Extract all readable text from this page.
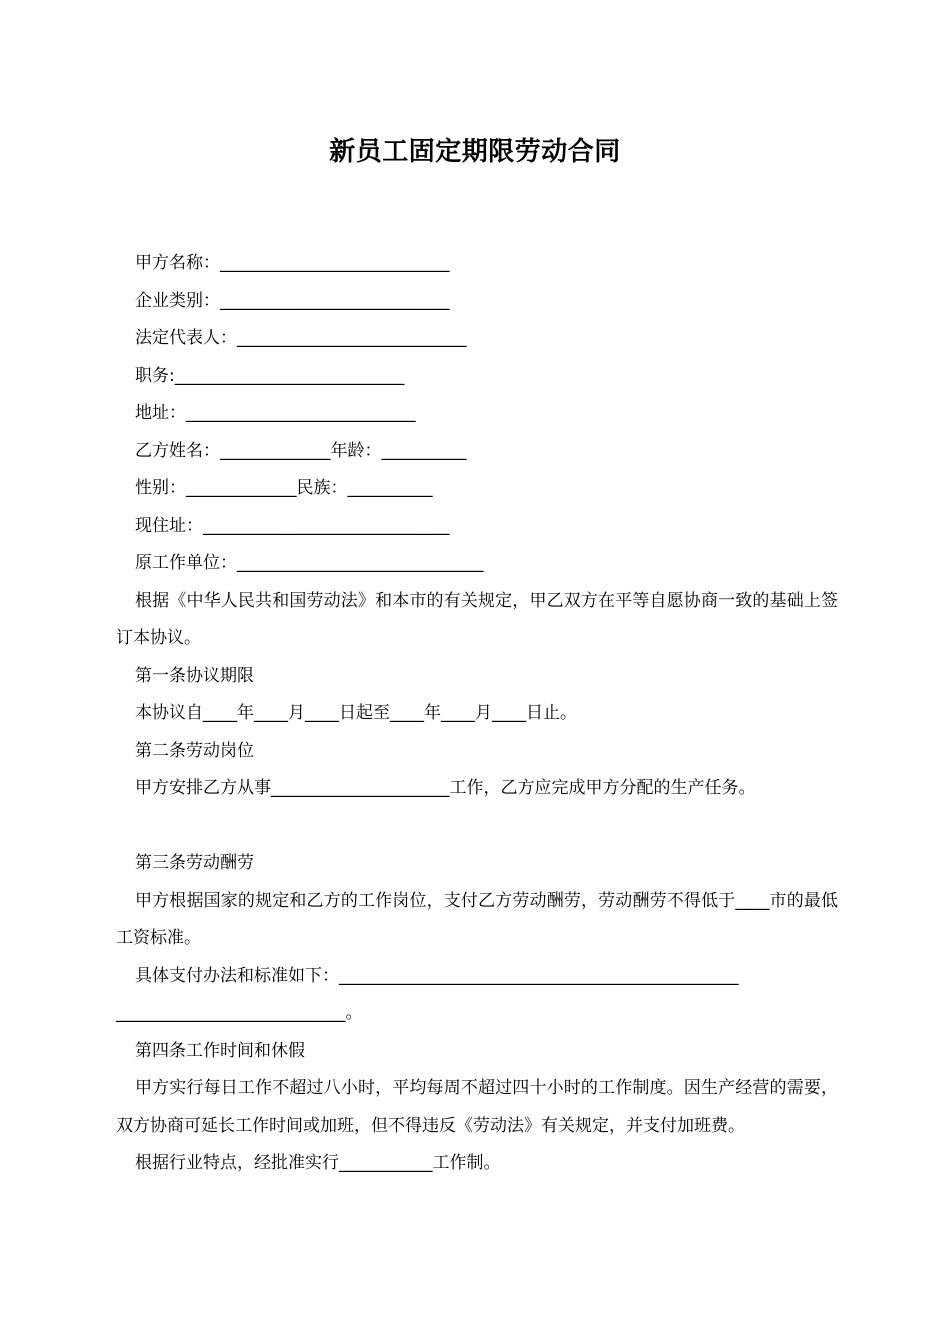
新员工固定期限劳动合同
甲方名称：___________________________
企业类别：___________________________
法定代表人：___________________________
职务:___________________________
地址：___________________________
乙方姓名：_____________年龄：__________
性别：_____________民族：__________
现住址：_____________________________
原工作单位：_____________________________
根据《中华人民共和国劳动法》和本市的有关规定，甲乙双方在平等自愿协商一致的基础上签订本协议。
第一条协议期限
本协议自____年____月____日起至____年____月____日止。
第二条劳动岗位
甲方安排乙方从事_____________________工作，乙方应完成甲方分配的生产任务。
第三条劳动酬劳
甲方根据国家的规定和乙方的工作岗位，支付乙方劳动酬劳，劳动酬劳不得低于____市的最低工资标准。
具体支付办法和标准如下：_______________________________________________
___________________________。
第四条工作时间和休假
甲方实行每日工作不超过八小时，平均每周不超过四十小时的工作制度。因生产经营的需要，双方协商可延长工作时间或加班，但不得违反《劳动法》有关规定，并支付加班费。
根据行业特点，经批准实行___________工作制。
